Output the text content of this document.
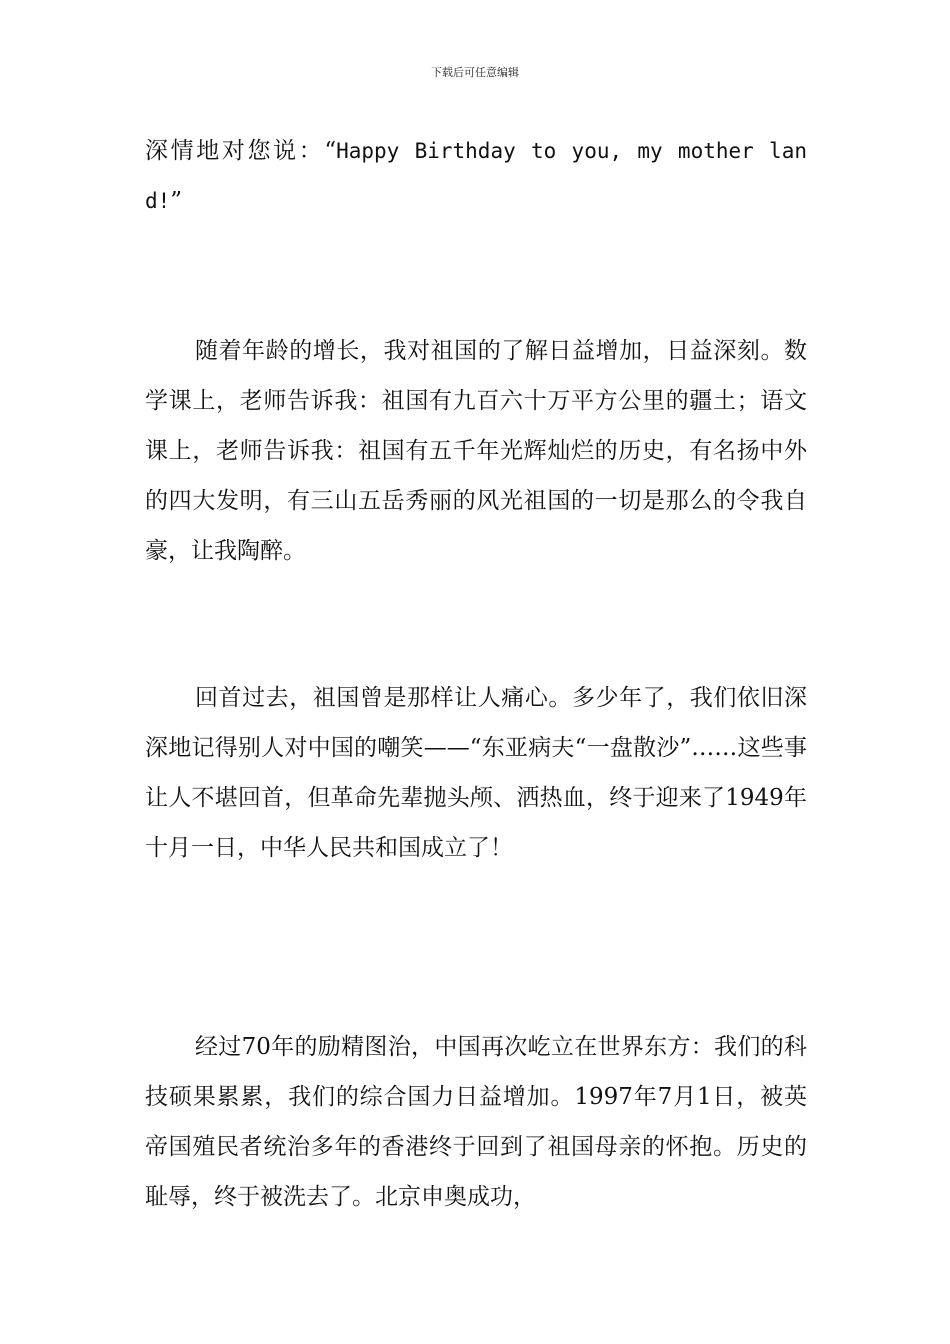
下载后可任意编辑

深情地对您说：“Happy Birthday to you, my mother land!”

随着年龄的增长，我对祖国的了解日益增加，日益深刻。数学课上，老师告诉我：祖国有九百六十万平方公里的疆土；语文课上，老师告诉我：祖国有五千年光辉灿烂的历史，有名扬中外的四大发明，有三山五岳秀丽的风光祖国的一切是那么的令我自豪，让我陶醉。

回首过去，祖国曾是那样让人痛心。多少年了，我们依旧深深地记得别人对中国的嘲笑——“东亚病夫“一盘散沙”……这些事让人不堪回首，但革命先辈抛头颅、洒热血，终于迎来了1949年十月一日，中华人民共和国成立了！

经过70年的励精图治，中国再次屹立在世界东方：我们的科技硕果累累，我们的综合国力日益增加。1997年7月1日，被英帝国殖民者统治多年的香港终于回到了祖国母亲的怀抱。历史的耻辱，终于被洗去了。北京申奥成功，
